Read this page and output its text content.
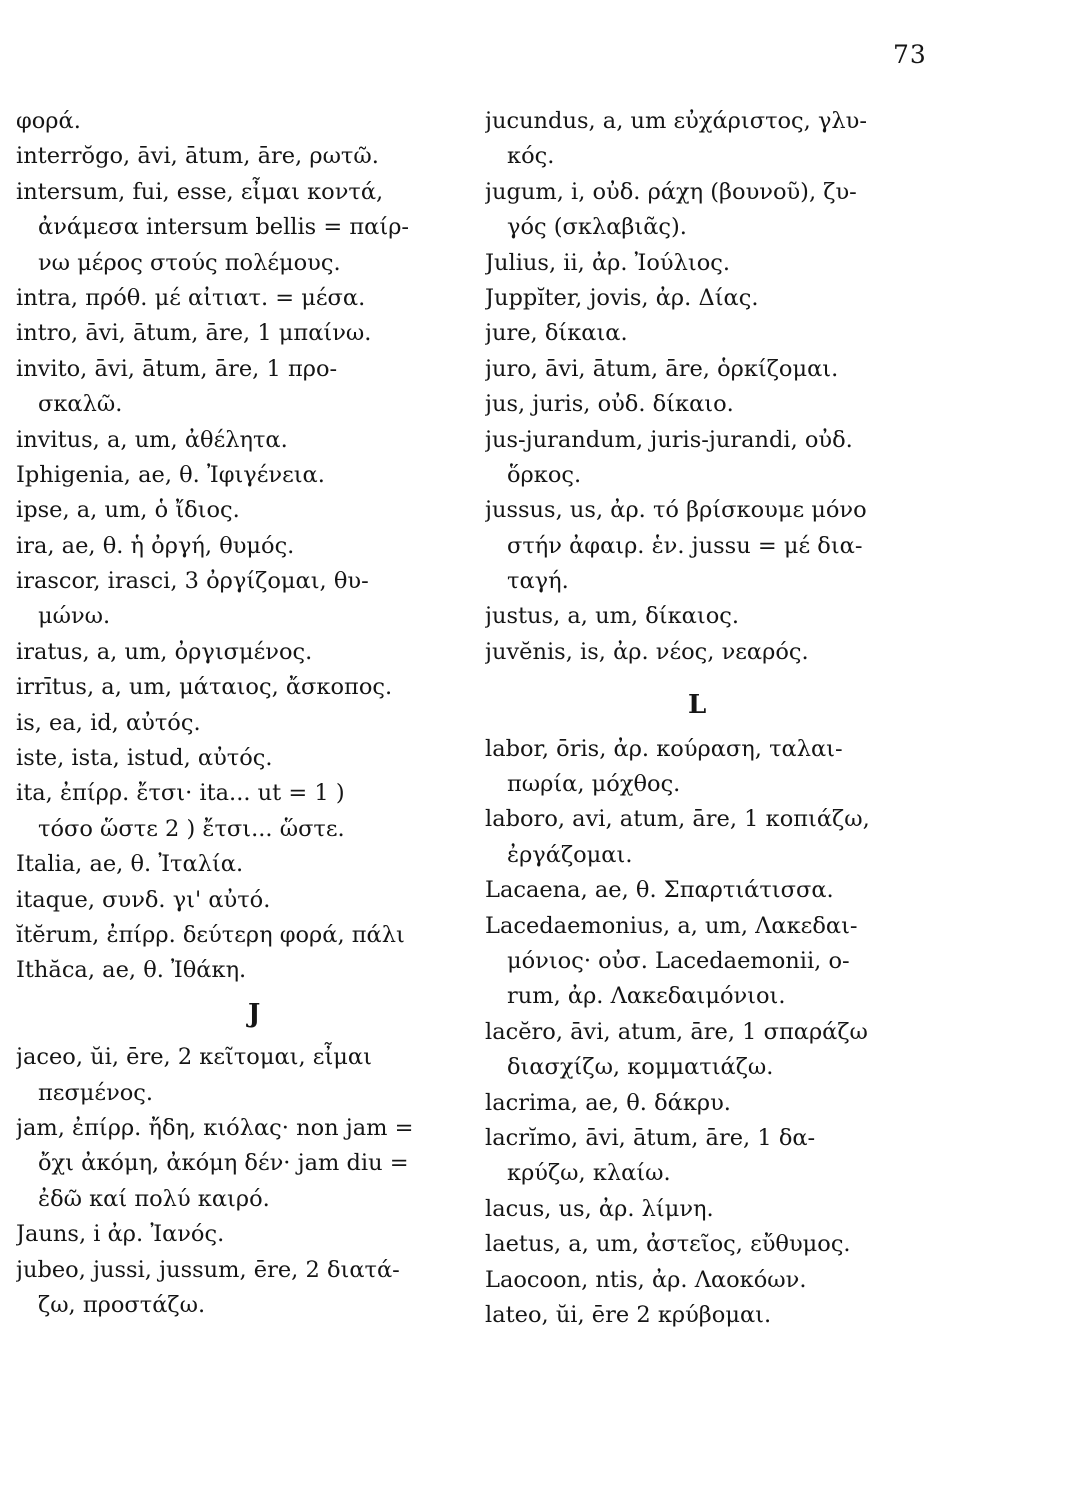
73
φορά.
interrŏgo, āvi, ātum, āre, ρωτῶ.
intersum, fui, esse, εἶμαι κοντά,
ἀνάμεσα intersum bellis = παίρ-
νω μέρος στούς πολέμους.
intra, πρόθ. μέ αἰτιατ. = μέσα.
intro, āvi, ātum, āre, 1 μπαίνω.
invito, āvi, ātum, āre, 1 προ-
σκαλῶ.
invitus, a, um, ἀθέλητα.
Iphigenia, ae, θ. Ἰφιγένεια.
ipse, a, um, ὁ ἴδιος.
ira, ae, θ. ἡ ὀργή, θυμός.
irascor, irasci, 3 ὀργίζομαι, θυ-
μώνω.
iratus, a, um, ὀργισμένος.
irrītus, a, um, μάταιος, ἄσκοπος.
is, ea, id, αὐτός.
iste, ista, istud, αὐτός.
ita, ἐπίρρ. ἔτσι· ita... ut = 1 )
τόσο ὥστε 2 ) ἔτσι... ὥστε.
Italia, ae, θ. Ἰταλία.
itaque, συνδ. γι' αὐτό.
ĭtĕrum, ἐπίρρ. δεύτερη φορά, πάλι
Ithăca, ae, θ. Ἰθάκη.
J
jaceo, ŭi, ēre, 2 κεῖτομαι, εἶμαι
πεσμένος.
jam, ἐπίρρ. ἤδη, κιόλας· non jam =
ὄχι ἀκόμη, ἀκόμη δέν· jam diu =
ἐδῶ καί πολύ καιρό.
Jauns, i ἀρ. Ἰανός.
jubeo, jussi, jussum, ēre, 2 διατά-
ζω, προστάζω.
jucundus, a, um εὐχάριστος, γλυ-
κός.
jugum, i, οὐδ. ράχη (βουνοῦ), ζυ-
γός (σκλαβιᾶς).
Julius, ii, ἀρ. Ἰούλιος.
Juppĭter, jovis, ἀρ. Δίας.
jure, δίκαια.
juro, āvi, ātum, āre, ὁρκίζομαι.
jus, juris, οὐδ. δίκαιο.
jus-jurandum, juris-jurandi, οὐδ.
ὅρκος.
jussus, us, ἀρ. τό βρίσκουμε μόνο
στήν ἀφαιρ. ἑν. jussu = μέ δια-
ταγή.
justus, a, um, δίκαιος.
juvĕnis, is, ἀρ. νέος, νεαρός.
L
labor, ōris, ἀρ. κούραση, ταλαι-
πωρία, μόχθος.
laboro, avi, atum, āre, 1 κοπιάζω,
ἐργάζομαι.
Lacaena, ae, θ. Σπαρτιάτισσα.
Lacedaemonius, a, um, Λακεδαι-
μόνιος· οὐσ. Lacedaemonii, o-
rum, ἀρ. Λακεδαιμόνιοι.
lacĕro, āvi, atum, āre, 1 σπαράζω
διασχίζω, κομματιάζω.
lacrima, ae, θ. δάκρυ.
lacrĭmo, āvi, ātum, āre, 1 δα-
κρύζω, κλαίω.
lacus, us, ἀρ. λίμνη.
laetus, a, um, ἀστεῖος, εὔθυμος.
Laocoon, ntis, ἀρ. Λαοκόων.
lateo, ŭi, ēre 2 κρύβομαι.
